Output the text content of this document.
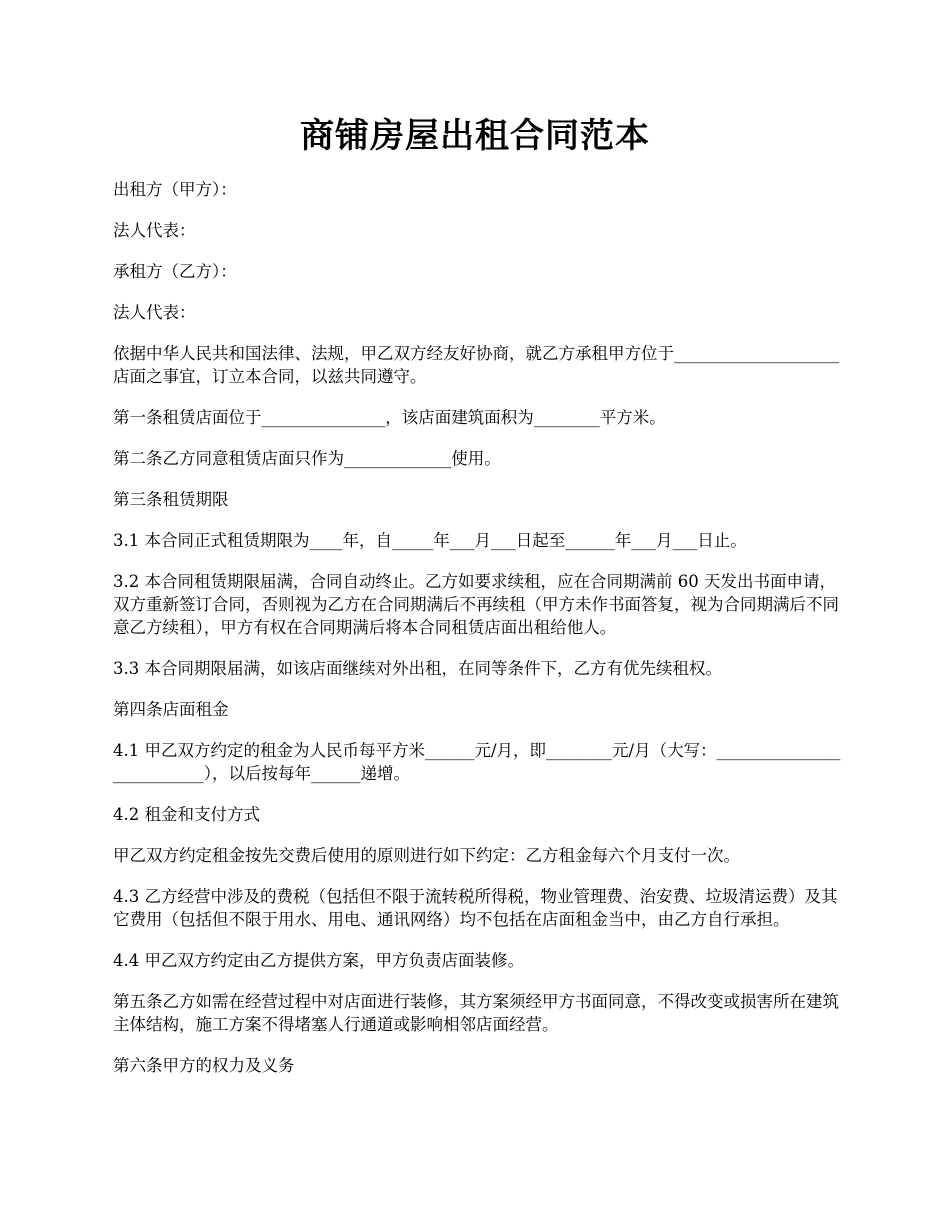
商铺房屋出租合同范本

出租方（甲方）：

法人代表：

承租方（乙方）：

法人代表：

依据中华人民共和国法律、法规，甲乙双方经友好协商，就乙方承租甲方位于____________________店面之事宜，订立本合同，以兹共同遵守。

第一条租赁店面位于_______________，该店面建筑面积为________平方米。

第二条乙方同意租赁店面只作为_____________使用。

第三条租赁期限

3.1 本合同正式租赁期限为____年，自_____年___月___日起至______年___月___日止。

3.2 本合同租赁期限届满，合同自动终止。乙方如要求续租，应在合同期满前 60 天发出书面申请，双方重新签订合同，否则视为乙方在合同期满后不再续租（甲方未作书面答复，视为合同期满后不同意乙方续租），甲方有权在合同期满后将本合同租赁店面出租给他人。

3.3 本合同期限届满，如该店面继续对外出租，在同等条件下，乙方有优先续租权。

第四条店面租金

4.1 甲乙双方约定的租金为人民币每平方米______元/月，即________元/月（大写：__________________________），以后按每年______递增。

4.2 租金和支付方式

甲乙双方约定租金按先交费后使用的原则进行如下约定：乙方租金每六个月支付一次。

4.3 乙方经营中涉及的费税（包括但不限于流转税所得税，物业管理费、治安费、垃圾清运费）及其它费用（包括但不限于用水、用电、通讯网络）均不包括在店面租金当中，由乙方自行承担。

4.4 甲乙双方约定由乙方提供方案，甲方负责店面装修。

第五条乙方如需在经营过程中对店面进行装修，其方案须经甲方书面同意，不得改变或损害所在建筑主体结构，施工方案不得堵塞人行通道或影响相邻店面经营。

第六条甲方的权力及义务
